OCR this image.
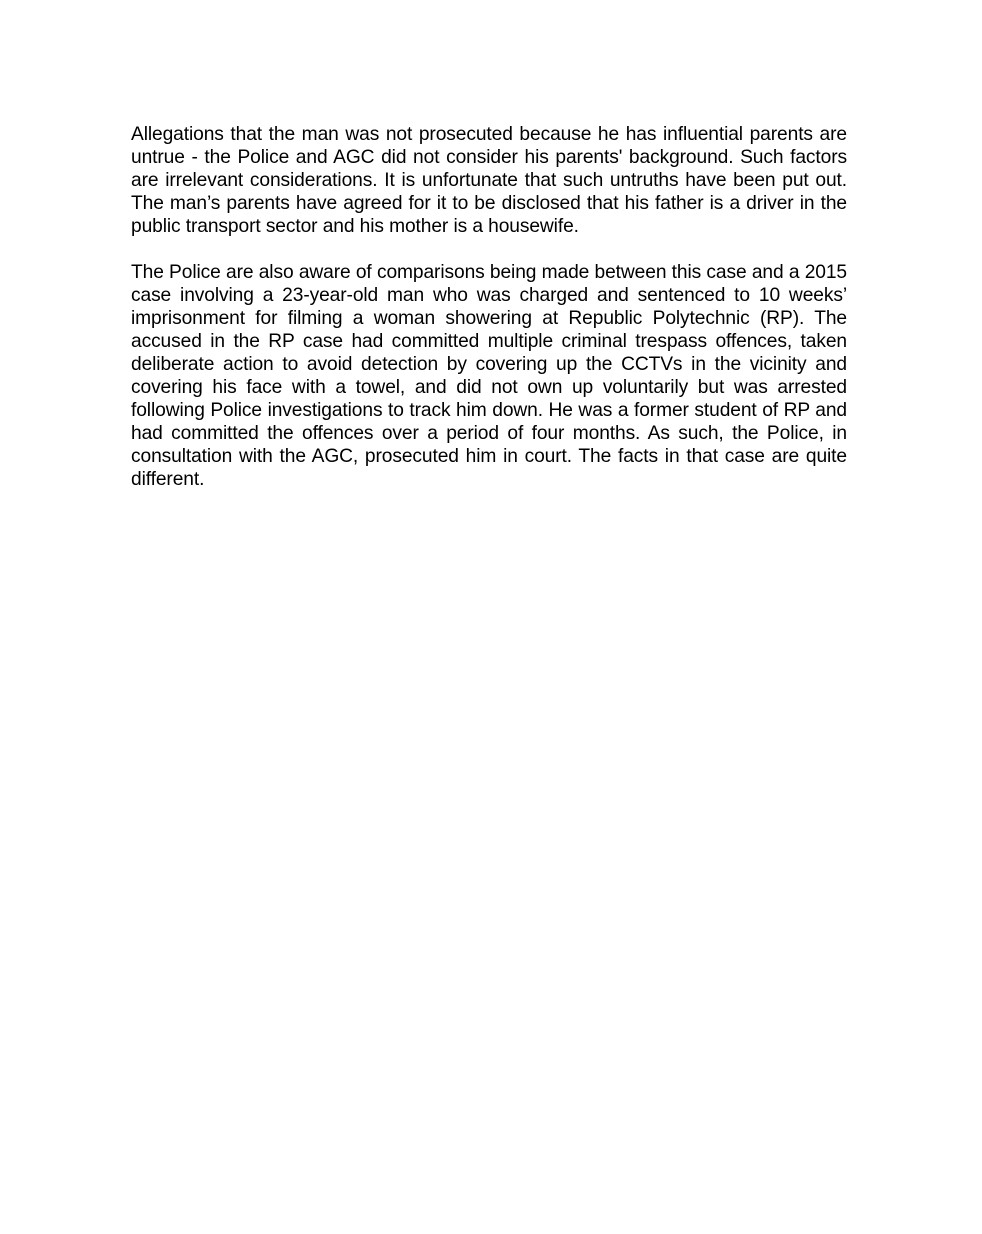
Allegations that the man was not prosecuted because he has influential parents are untrue - the Police and AGC did not consider his parents' background. Such factors are irrelevant considerations. It is unfortunate that such untruths have been put out. The man’s parents have agreed for it to be disclosed that his father is a driver in the public transport sector and his mother is a housewife.

The Police are also aware of comparisons being made between this case and a 2015 case involving a 23-year-old man who was charged and sentenced to 10 weeks’ imprisonment for filming a woman showering at Republic Polytechnic (RP). The accused in the RP case had committed multiple criminal trespass offences, taken deliberate action to avoid detection by covering up the CCTVs in the vicinity and covering his face with a towel, and did not own up voluntarily but was arrested following Police investigations to track him down. He was a former student of RP and had committed the offences over a period of four months. As such, the Police, in consultation with the AGC, prosecuted him in court. The facts in that case are quite different.
